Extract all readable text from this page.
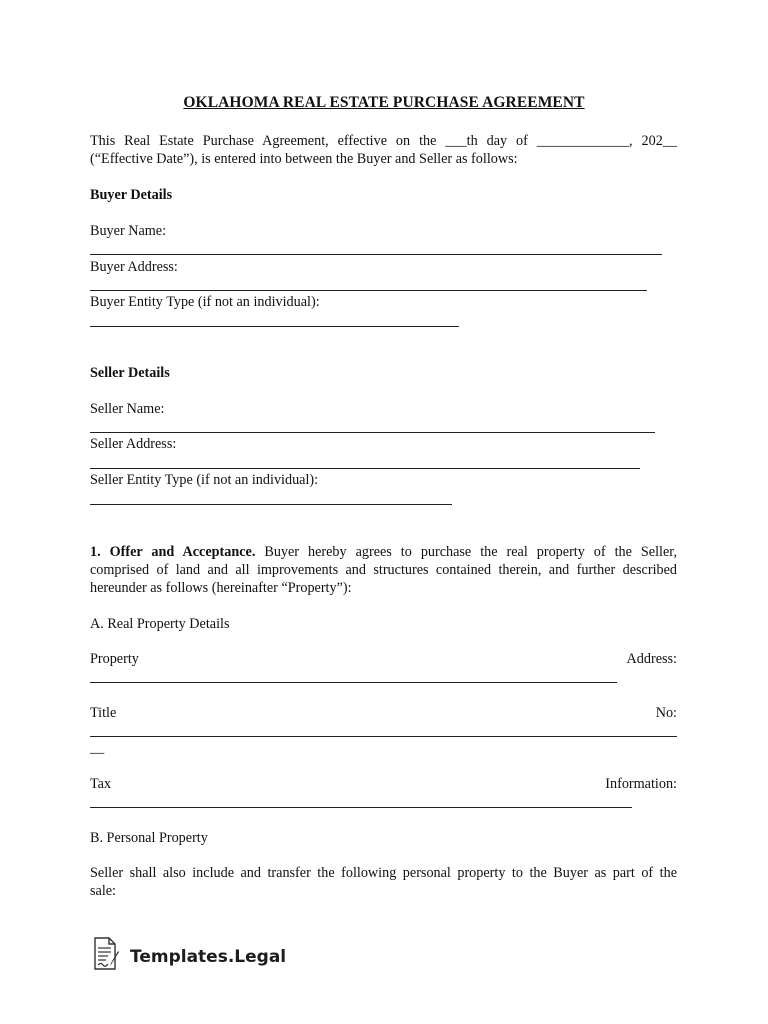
OKLAHOMA REAL ESTATE PURCHASE AGREEMENT
This Real Estate Purchase Agreement, effective on the ___th day of _____________, 202__
(“Effective Date”), is entered into between the Buyer and Seller as follows:
Buyer Details
Buyer Name:
Buyer Address:
Buyer Entity Type (if not an individual):
Seller Details
Seller Name:
Seller Address:
Seller Entity Type (if not an individual):
1. Offer and Acceptance. Buyer hereby agrees to purchase the real property of the Seller,
comprised of land and all improvements and structures contained therein, and further described
hereunder as follows (hereinafter “Property”):
A. Real Property Details
Property	Address:
Title	No:
__
Tax	Information:
B. Personal Property
Seller shall also include and transfer the following personal property to the Buyer as part of the
sale:
Templates.Legal
